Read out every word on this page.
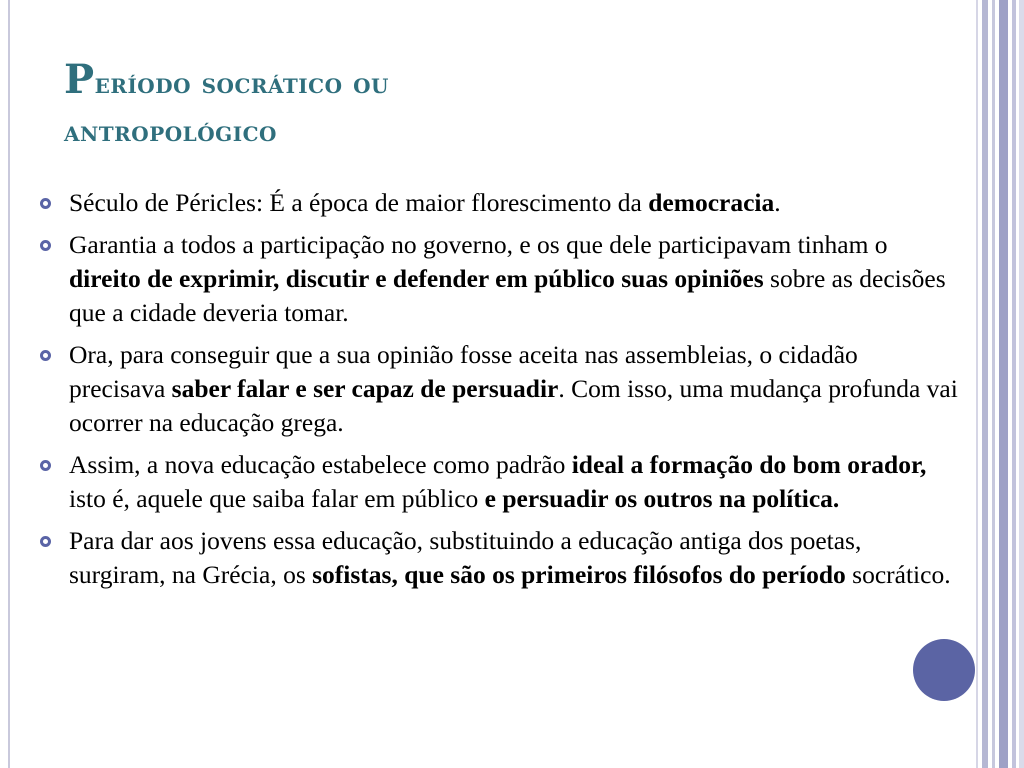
Período socrático ou
antropológico
Século de Péricles: É a época de maior florescimento da democracia.
Garantia a todos a participação no governo, e os que dele participavam tinham o direito de exprimir, discutir e defender em público suas opiniões sobre as decisões que a cidade deveria tomar.
Ora, para conseguir que a sua opinião fosse aceita nas assembleias, o cidadão precisava saber falar e ser capaz de persuadir. Com isso, uma mudança profunda vai ocorrer na educação grega.
Assim, a nova educação estabelece como padrão ideal a formação do bom orador, isto é, aquele que saiba falar em público e persuadir os outros na política.
Para dar aos jovens essa educação, substituindo a educação antiga dos poetas, surgiram, na Grécia, os sofistas, que são os primeiros filósofos do período socrático.
